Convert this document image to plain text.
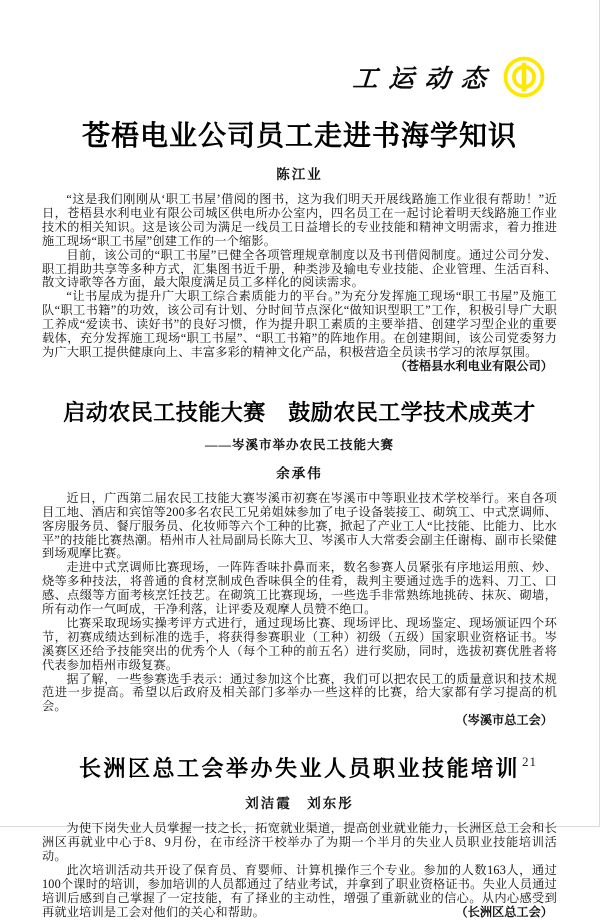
工运动态
苍梧电业公司员工走进书海学知识
陈江业

“这是我们刚刚从‘职工书屋’借阅的图书，这为我们明天开展线路施工作业很有帮助！”近日，苍梧县水利电业有限公司城区供电所办公室内，四名员工在一起讨论着明天线路施工作业技术的相关知识。这是该公司为满足一线员工日益增长的专业技能和精神文明需求，着力推进施工现场“职工书屋”创建工作的一个缩影。

目前，该公司的“职工书屋”已健全各项管理规章制度以及书刊借阅制度。通过公司分发、职工捐助共享等多种方式，汇集图书近千册，种类涉及输电专业技能、企业管理、生活百科、散文诗歌等各方面，最大限度满足员工多样化的阅读需求。

“让书屋成为提升广大职工综合素质能力的平台。”为充分发挥施工现场“职工书屋”及施工队“职工书籍”的功效，该公司有计划、分时间节点深化“做知识型职工”工作，积极引导广大职工养成“爱读书、读好书”的良好习惯，作为提升职工素质的主要举措、创建学习型企业的重要载体，充分发挥施工现场“职工书屋”、“职工书箱”的阵地作用。在创建期间，该公司党委努力为广大职工提供健康向上、丰富多彩的精神文化产品，积极营造全员读书学习的浓厚氛围。

（苍梧县水利电业有限公司）
启动农民工技能大赛　鼓励农民工学技术成英才
——岑溪市举办农民工技能大赛
余承伟

近日，广西第二届农民工技能大赛岑溪市初赛在岑溪市中等职业技术学校举行。来自各项目工地、酒店和宾馆等200多名农民工兄弟姐妹参加了电子设备装接工、砌筑工、中式烹调师、客房服务员、餐厅服务员、化妆师等六个工种的比赛，掀起了产业工人“比技能、比能力、比水平”的技能比赛热潮。梧州市人社局副局长陈大卫、岑溪市人大常委会副主任谢梅、副市长梁健到场观摩比赛。

走进中式烹调师比赛现场，一阵阵香味扑鼻而来，数名参赛人员紧张有序地运用煎、炒、烧等多种技法，将普通的食材烹制成色香味俱全的佳肴，裁判主要通过选手的选料、刀工、口感、点缀等方面考核烹饪技艺。在砌筑工比赛现场，一些选手非常熟练地挑砖、抹灰、砌墙，所有动作一气呵成，干净利落，让评委及观摩人员赞不绝口。

比赛采取现场实操考评方式进行，通过现场比赛、现场评比、现场鉴定、现场颁证四个环节，初赛成绩达到标准的选手，将获得参赛职业（工种）初级（五级）国家职业资格证书。岑溪赛区还给予技能突出的优秀个人（每个工种的前五名）进行奖励，同时，选拔初赛优胜者将代表参加梧州市级复赛。

据了解，一些参赛选手表示：通过参加这个比赛，我们可以把农民工的质量意识和技术规范进一步提高。希望以后政府及相关部门多举办一些这样的比赛，给大家都有学习提高的机会。

（岑溪市总工会）
长洲区总工会举办失业人员职业技能培训
刘洁霞　刘东彤

为使下岗失业人员掌握一技之长，拓宽就业渠道，提高创业就业能力，长洲区总工会和长洲区再就业中心于8、9月份，在市经济干校举办了为期一个半月的失业人员职业技能培训活动。

此次培训活动共开设了保育员、育婴师、计算机操作三个专业。参加的人数163人，通过100个课时的培训，参加培训的人员都通过了结业考试，并拿到了职业资格证书。失业人员通过培训后感到自己掌握了一定技能，有了择业的主动性，增强了重新就业的信心。从内心感受到再就业培训是工会对他们的关心和帮助。	（长洲区总工会）
21
